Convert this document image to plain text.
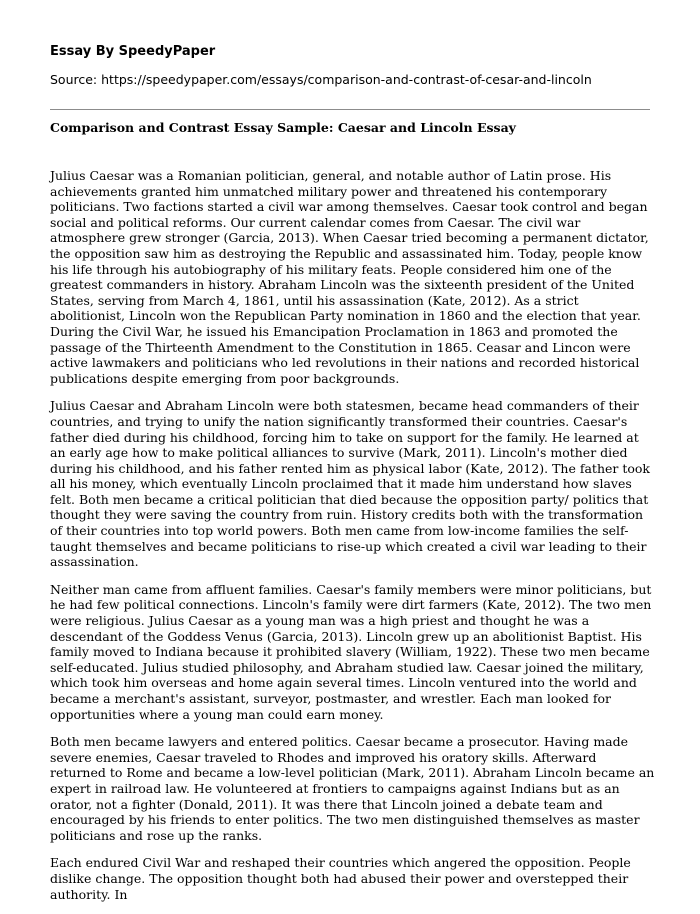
Essay By SpeedyPaper
Source: https://speedypaper.com/essays/comparison-and-contrast-of-cesar-and-lincoln
Comparison and Contrast Essay Sample: Caesar and Lincoln Essay

Julius Caesar was a Romanian politician, general, and notable author of Latin prose. His achievements granted him unmatched military power and threatened his contemporary politicians. Two factions started a civil war among themselves. Caesar took control and began social and political reforms. Our current calendar comes from Caesar. The civil war atmosphere grew stronger (Garcia, 2013). When Caesar tried becoming a permanent dictator, the opposition saw him as destroying the Republic and assassinated him. Today, people know his life through his autobiography of his military feats. People considered him one of the greatest commanders in history. Abraham Lincoln was the sixteenth president of the United States, serving from March 4, 1861, until his assassination (Kate, 2012). As a strict abolitionist, Lincoln won the Republican Party nomination in 1860 and the election that year. During the Civil War, he issued his Emancipation Proclamation in 1863 and promoted the passage of the Thirteenth Amendment to the Constitution in 1865. Ceasar and Lincon were active lawmakers and politicians who led revolutions in their nations and recorded historical publications despite emerging from poor backgrounds.

Julius Caesar and Abraham Lincoln were both statesmen, became head commanders of their countries, and trying to unify the nation significantly transformed their countries. Caesar's father died during his childhood, forcing him to take on support for the family. He learned at an early age how to make political alliances to survive (Mark, 2011). Lincoln's mother died during his childhood, and his father rented him as physical labor (Kate, 2012). The father took all his money, which eventually Lincoln proclaimed that it made him understand how slaves felt. Both men became a critical politician that died because the opposition party/ politics that thought they were saving the country from ruin. History credits both with the transformation of their countries into top world powers. Both men came from low-income families the self-taught themselves and became politicians to rise-up which created a civil war leading to their assassination.

Neither man came from affluent families. Caesar's family members were minor politicians, but he had few political connections. Lincoln's family were dirt farmers (Kate, 2012). The two men were religious. Julius Caesar as a young man was a high priest and thought he was a descendant of the Goddess Venus (Garcia, 2013). Lincoln grew up an abolitionist Baptist. His family moved to Indiana because it prohibited slavery (William, 1922). These two men became self-educated. Julius studied philosophy, and Abraham studied law. Caesar joined the military, which took him overseas and home again several times. Lincoln ventured into the world and became a merchant's assistant, surveyor, postmaster, and wrestler. Each man looked for opportunities where a young man could earn money.

Both men became lawyers and entered politics. Caesar became a prosecutor. Having made severe enemies, Caesar traveled to Rhodes and improved his oratory skills. Afterward returned to Rome and became a low-level politician (Mark, 2011). Abraham Lincoln became an expert in railroad law. He volunteered at frontiers to campaigns against Indians but as an orator, not a fighter (Donald, 2011). It was there that Lincoln joined a debate team and encouraged by his friends to enter politics. The two men distinguished themselves as master politicians and rose up the ranks.

Each endured Civil War and reshaped their countries which angered the opposition. People dislike change. The opposition thought both had abused their power and overstepped their authority. In
